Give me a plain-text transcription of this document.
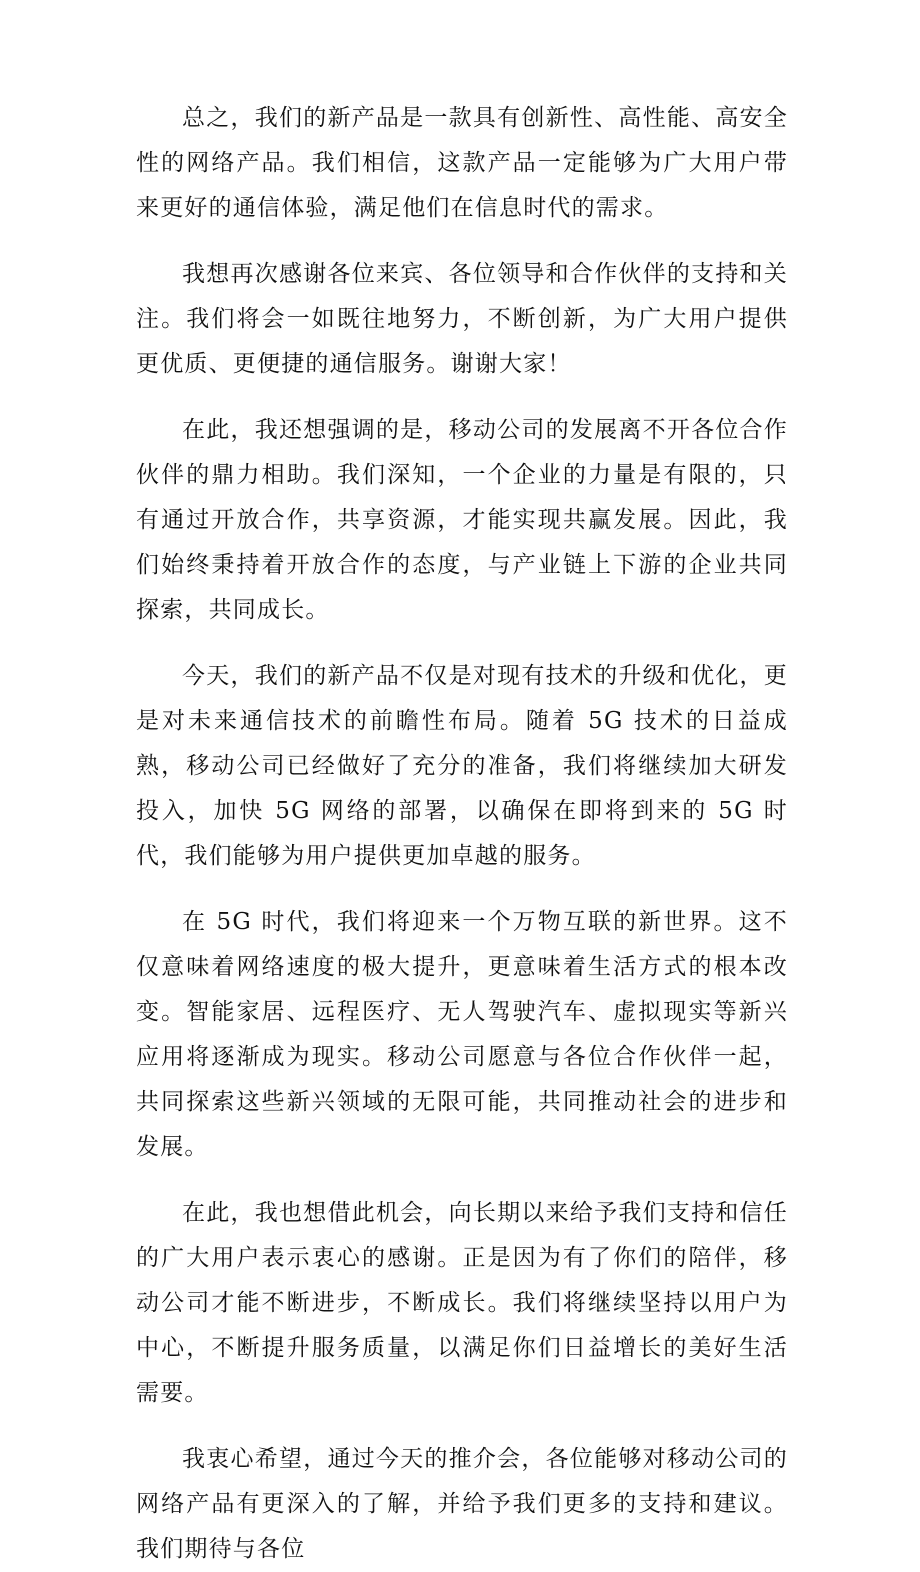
总之，我们的新产品是一款具有创新性、高性能、高安全性的网络产品。我们相信，这款产品一定能够为广大用户带来更好的通信体验，满足他们在信息时代的需求。

我想再次感谢各位来宾、各位领导和合作伙伴的支持和关注。我们将会一如既往地努力，不断创新，为广大用户提供更优质、更便捷的通信服务。谢谢大家！

在此，我还想强调的是，移动公司的发展离不开各位合作伙伴的鼎力相助。我们深知，一个企业的力量是有限的，只有通过开放合作，共享资源，才能实现共赢发展。因此，我们始终秉持着开放合作的态度，与产业链上下游的企业共同探索，共同成长。

今天，我们的新产品不仅是对现有技术的升级和优化，更是对未来通信技术的前瞻性布局。随着 5G 技术的日益成熟，移动公司已经做好了充分的准备，我们将继续加大研发投入，加快 5G 网络的部署，以确保在即将到来的 5G 时代，我们能够为用户提供更加卓越的服务。

在 5G 时代，我们将迎来一个万物互联的新世界。这不仅意味着网络速度的极大提升，更意味着生活方式的根本改变。智能家居、远程医疗、无人驾驶汽车、虚拟现实等新兴应用将逐渐成为现实。移动公司愿意与各位合作伙伴一起，共同探索这些新兴领域的无限可能，共同推动社会的进步和发展。

在此，我也想借此机会，向长期以来给予我们支持和信任的广大用户表示衷心的感谢。正是因为有了你们的陪伴，移动公司才能不断进步，不断成长。我们将继续坚持以用户为中心，不断提升服务质量，以满足你们日益增长的美好生活需要。

我衷心希望，通过今天的推介会，各位能够对移动公司的网络产品有更深入的了解，并给予我们更多的支持和建议。我们期待与各位
